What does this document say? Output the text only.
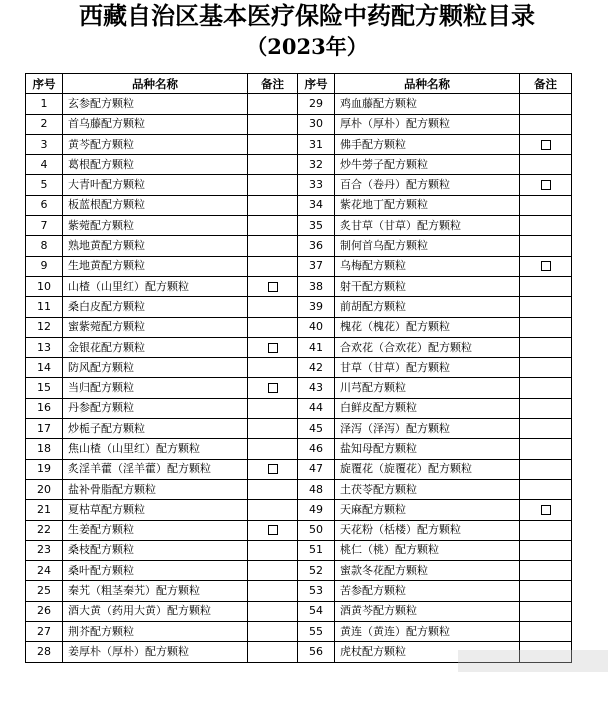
西藏自治区基本医疗保险中药配方颗粒目录
（2023年）
序号	品种名称	备注	序号	品种名称	备注
1	玄参配方颗粒		29	鸡血藤配方颗粒	
2	首乌藤配方颗粒		30	厚朴（厚朴）配方颗粒	
3	黄芩配方颗粒		31	佛手配方颗粒	
4	葛根配方颗粒		32	炒牛蒡子配方颗粒	
5	大青叶配方颗粒		33	百合（卷丹）配方颗粒	
6	板蓝根配方颗粒		34	紫花地丁配方颗粒	
7	紫菀配方颗粒		35	炙甘草（甘草）配方颗粒	
8	熟地黄配方颗粒		36	制何首乌配方颗粒	
9	生地黄配方颗粒		37	乌梅配方颗粒	
10	山楂（山里红）配方颗粒		38	射干配方颗粒	
11	桑白皮配方颗粒		39	前胡配方颗粒	
12	蜜紫菀配方颗粒		40	槐花（槐花）配方颗粒	
13	金银花配方颗粒		41	合欢花（合欢花）配方颗粒	
14	防风配方颗粒		42	甘草（甘草）配方颗粒	
15	当归配方颗粒		43	川芎配方颗粒	
16	丹参配方颗粒		44	白鲜皮配方颗粒	
17	炒栀子配方颗粒		45	泽泻（泽泻）配方颗粒	
18	焦山楂（山里红）配方颗粒		46	盐知母配方颗粒	
19	炙淫羊藿（淫羊藿）配方颗粒		47	旋覆花（旋覆花）配方颗粒	
20	盐补骨脂配方颗粒		48	土茯苓配方颗粒	
21	夏枯草配方颗粒		49	天麻配方颗粒	
22	生姜配方颗粒		50	天花粉（栝楼）配方颗粒	
23	桑枝配方颗粒		51	桃仁（桃）配方颗粒	
24	桑叶配方颗粒		52	蜜款冬花配方颗粒	
25	秦艽（粗茎秦艽）配方颗粒		53	苦参配方颗粒	
26	酒大黄（药用大黄）配方颗粒		54	酒黄芩配方颗粒	
27	荆芥配方颗粒		55	黄连（黄连）配方颗粒	
28	姜厚朴（厚朴）配方颗粒		56	虎杖配方颗粒	
